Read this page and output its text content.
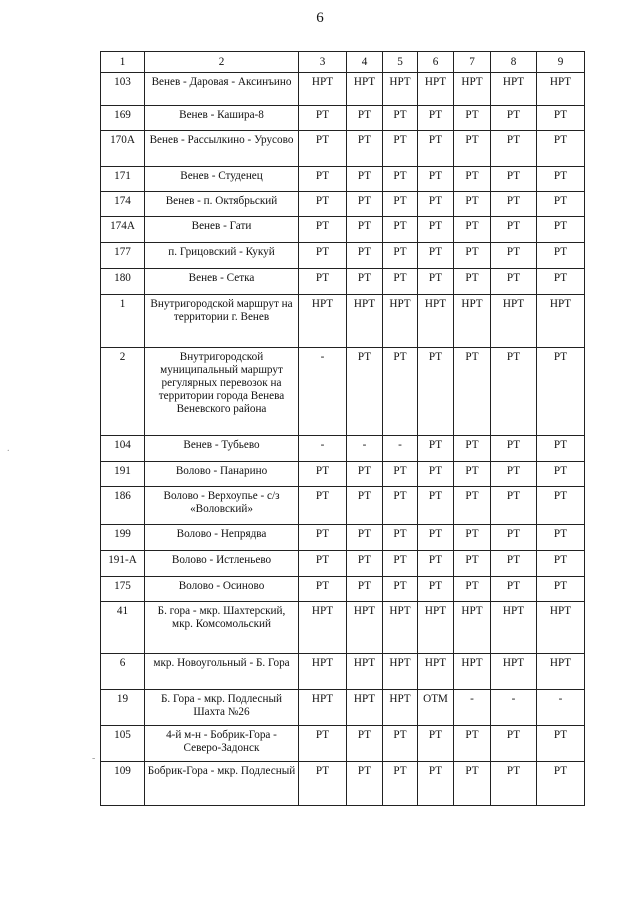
6
1	2	3	4	5	6	7	8	9
103	Венев - Даровая - Аксинъино	НРТ	НРТ	НРТ	НРТ	НРТ	НРТ	НРТ
169	Венев - Кашира-8	РТ	РТ	РТ	РТ	РТ	РТ	РТ
170А	Венев - Рассылкино - Урусово	РТ	РТ	РТ	РТ	РТ	РТ	РТ
171	Венев - Студенец	РТ	РТ	РТ	РТ	РТ	РТ	РТ
174	Венев - п. Октябрьский	РТ	РТ	РТ	РТ	РТ	РТ	РТ
174А	Венев - Гати	РТ	РТ	РТ	РТ	РТ	РТ	РТ
177	п. Грицовский - Кукуй	РТ	РТ	РТ	РТ	РТ	РТ	РТ
180	Венев - Сетка	РТ	РТ	РТ	РТ	РТ	РТ	РТ
1	Внутригородской маршрут на территории г. Венев	НРТ	НРТ	НРТ	НРТ	НРТ	НРТ	НРТ
2	Внутригородской муниципальный маршрут регулярных перевозок на территории города Венева Веневского района	-	РТ	РТ	РТ	РТ	РТ	РТ
104	Венев - Тубьево	-	-	-	РТ	РТ	РТ	РТ
191	Волово - Панарино	РТ	РТ	РТ	РТ	РТ	РТ	РТ
186	Волово - Верхоупье - с/з «Воловский»	РТ	РТ	РТ	РТ	РТ	РТ	РТ
199	Волово - Непрядва	РТ	РТ	РТ	РТ	РТ	РТ	РТ
191-А	Волово - Истленьево	РТ	РТ	РТ	РТ	РТ	РТ	РТ
175	Волово - Осиново	РТ	РТ	РТ	РТ	РТ	РТ	РТ
41	Б. гора - мкр. Шахтерский, мкр. Комсомольский	НРТ	НРТ	НРТ	НРТ	НРТ	НРТ	НРТ
6	мкр. Новоугольный - Б. Гора	НРТ	НРТ	НРТ	НРТ	НРТ	НРТ	НРТ
19	Б. Гора - мкр. Подлесный Шахта №26	НРТ	НРТ	НРТ	ОТМ	-	-	-
105	4-й м-н - Бобрик-Гора - Северо-Задонск	РТ	РТ	РТ	РТ	РТ	РТ	РТ
109	Бобрик-Гора - мкр. Подлесный	РТ	РТ	РТ	РТ	РТ	РТ	РТ
.
-
